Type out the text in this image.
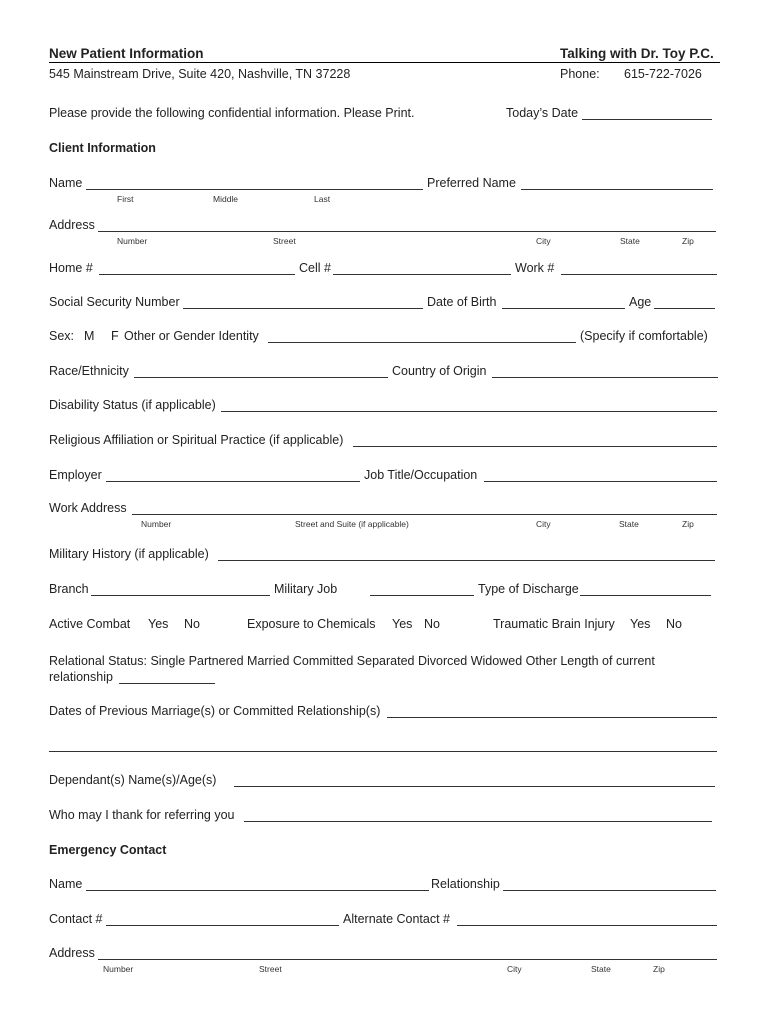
New Patient Information	Talking with Dr. Toy P.C.
545 Mainstream Drive, Suite 420, Nashville, TN 37228	Phone: 615-722-7026
Please provide the following confidential information. Please Print.	Today’s Date
Client Information
Name	Preferred Name
First	Middle	Last
Address
Number	Street	City	State	Zip
Home #	Cell #	Work #
Social Security Number	Date of Birth	Age
Sex: M F Other or Gender Identity	(Specify if comfortable)
Race/Ethnicity	Country of Origin
Disability Status (if applicable)
Religious Affiliation or Spiritual Practice (if applicable)
Employer	Job Title/Occupation
Work Address
Number	Street and Suite (if applicable)	City	State	Zip
Military History (if applicable)
Branch	Military Job	Type of Discharge
Active Combat Yes No	Exposure to Chemicals Yes No	Traumatic Brain Injury Yes No
Relational Status: Single Partnered Married Committed Separated Divorced Widowed Other Length of current
relationship
Dates of Previous Marriage(s) or Committed Relationship(s)
Dependant(s) Name(s)/Age(s)
Who may I thank for referring you
Emergency Contact
Name	Relationship
Contact #	Alternate Contact #
Address
Number	Street	City	State	Zip
